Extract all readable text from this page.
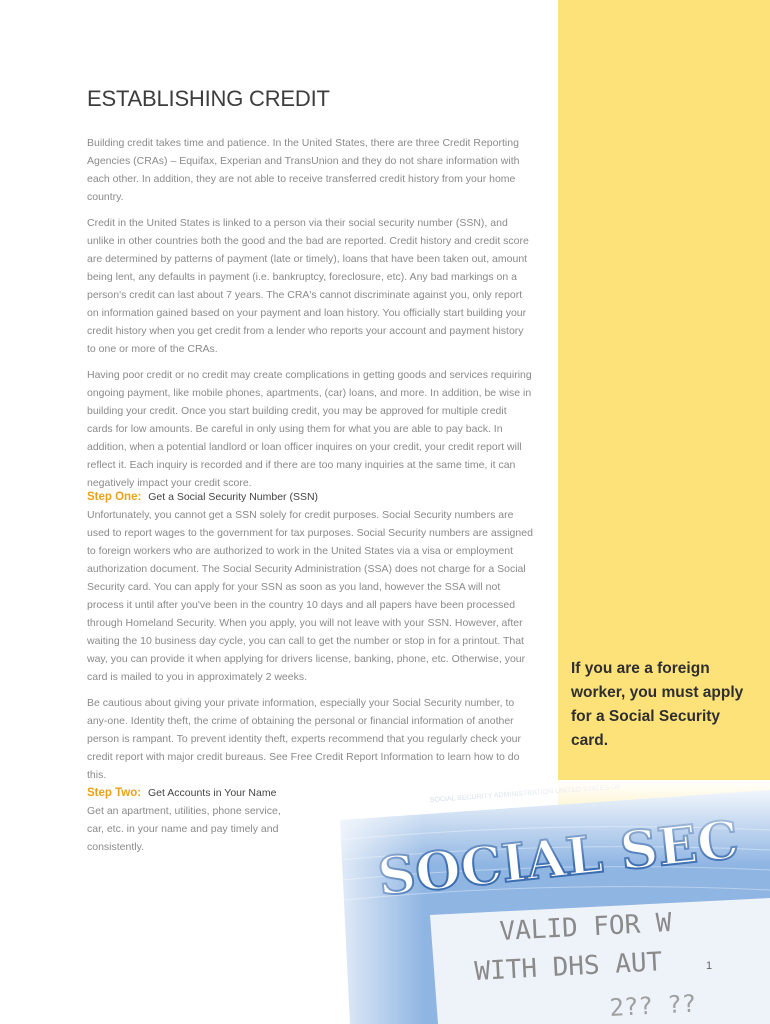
ESTABLISHING CREDIT

Building credit takes time and patience. In the United States, there are three Credit Reporting Agencies (CRAs) – Equifax, Experian and TransUnion and they do not share information with each other. In addition, they are not able to receive transferred credit history from your home country.

Credit in the United States is linked to a person via their social security number (SSN), and unlike in other countries both the good and the bad are reported. Credit history and credit score are determined by patterns of payment (late or timely), loans that have been taken out, amount being lent, any defaults in payment (i.e. bankruptcy, foreclosure, etc). Any bad markings on a person's credit can last about 7 years. The CRA's cannot discriminate against you, only report on information gained based on your payment and loan history. You officially start building your credit history when you get credit from a lender who reports your account and payment history to one or more of the CRAs.

Having poor credit or no credit may create complications in getting goods and services requiring ongoing payment, like mobile phones, apartments, (car) loans, and more. In addition, be wise in building your credit. Once you start building credit, you may be approved for multiple credit cards for low amounts. Be careful in only using them for what you are able to pay back. In addition, when a potential landlord or loan officer inquires on your credit, your credit report will reflect it. Each inquiry is recorded and if there are too many inquiries at the same time, it can negatively impact your credit score.

Step One: Get a Social Security Number (SSN)

Unfortunately, you cannot get a SSN solely for credit purposes. Social Security numbers are used to report wages to the government for tax purposes. Social Security numbers are assigned to foreign workers who are authorized to work in the United States via a visa or employment authorization document. The Social Security Administration (SSA) does not charge for a Social Security card. You can apply for your SSN as soon as you land, however the SSA will not process it until after you've been in the country 10 days and all papers have been processed through Homeland Security. When you apply, you will not leave with your SSN. However, after waiting the 10 business day cycle, you can call to get the number or stop in for a printout. That way, you can provide it when applying for drivers license, banking, phone, etc. Otherwise, your card is mailed to you in approximately 2 weeks.

Be cautious about giving your private information, especially your Social Security number, to any-one. Identity theft, the crime of obtaining the personal or financial information of another person is rampant. To prevent identity theft, experts recommend that you regularly check your credit report with major credit bureaus. See Free Credit Report Information to learn how to do this.

Step Two: Get Accounts in Your Name

Get an apartment, utilities, phone service, car, etc. in your name and pay timely and consistently.

If you are a foreign worker, you must apply for a Social Security card.

1
